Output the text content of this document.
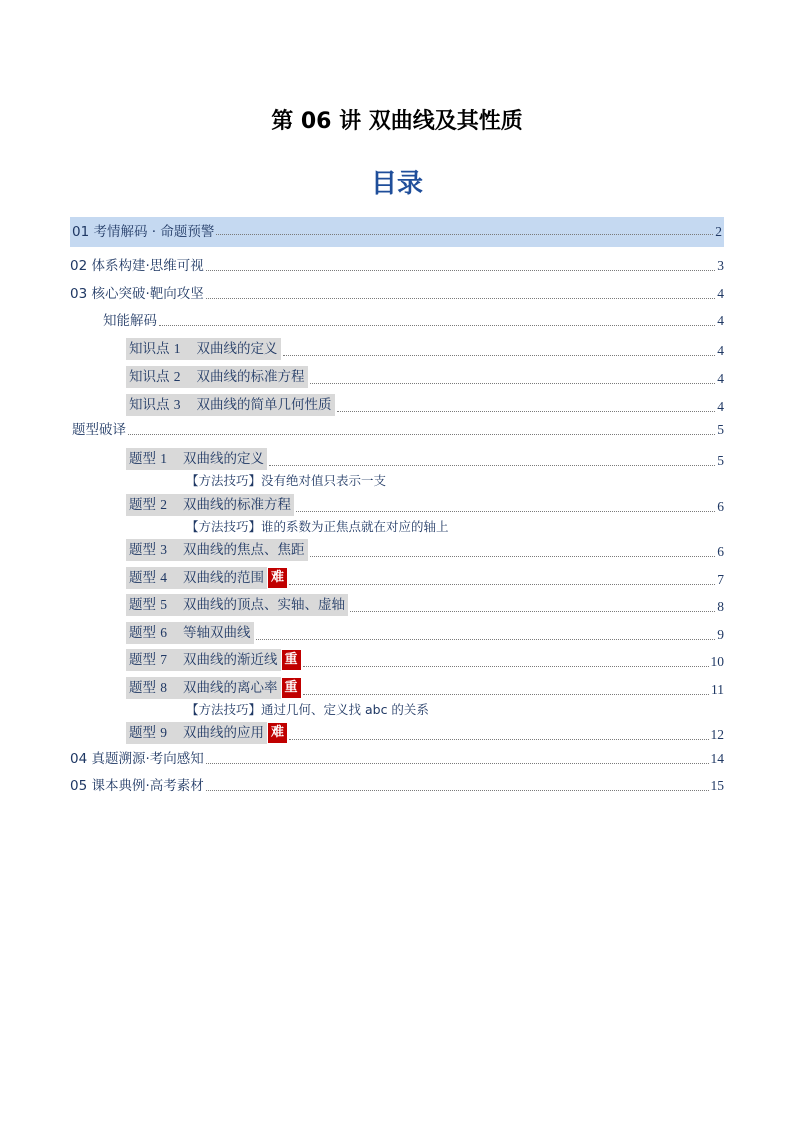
第 06 讲 双曲线及其性质
目录
01 考情解码 · 命题预警	2
02 体系构建·思维可视	3
03 核心突破·靶向攻坚	4
知能解码	4
知识点 1 双曲线的定义	4
知识点 2 双曲线的标准方程	4
知识点 3 双曲线的简单几何性质	4
题型破译	5
题型 1 双曲线的定义	5
【方法技巧】没有绝对值只表示一支
题型 2 双曲线的标准方程	6
【方法技巧】谁的系数为正焦点就在对应的轴上
题型 3 双曲线的焦点、焦距	6
题型 4 双曲线的范围 难	7
题型 5 双曲线的顶点、实轴、虚轴	8
题型 6 等轴双曲线	9
题型 7 双曲线的渐近线 重	10
题型 8 双曲线的离心率 重	11
【方法技巧】通过几何、定义找 abc 的关系
题型 9 双曲线的应用 难	12
04 真题溯源·考向感知	14
05 课本典例·高考素材	15
